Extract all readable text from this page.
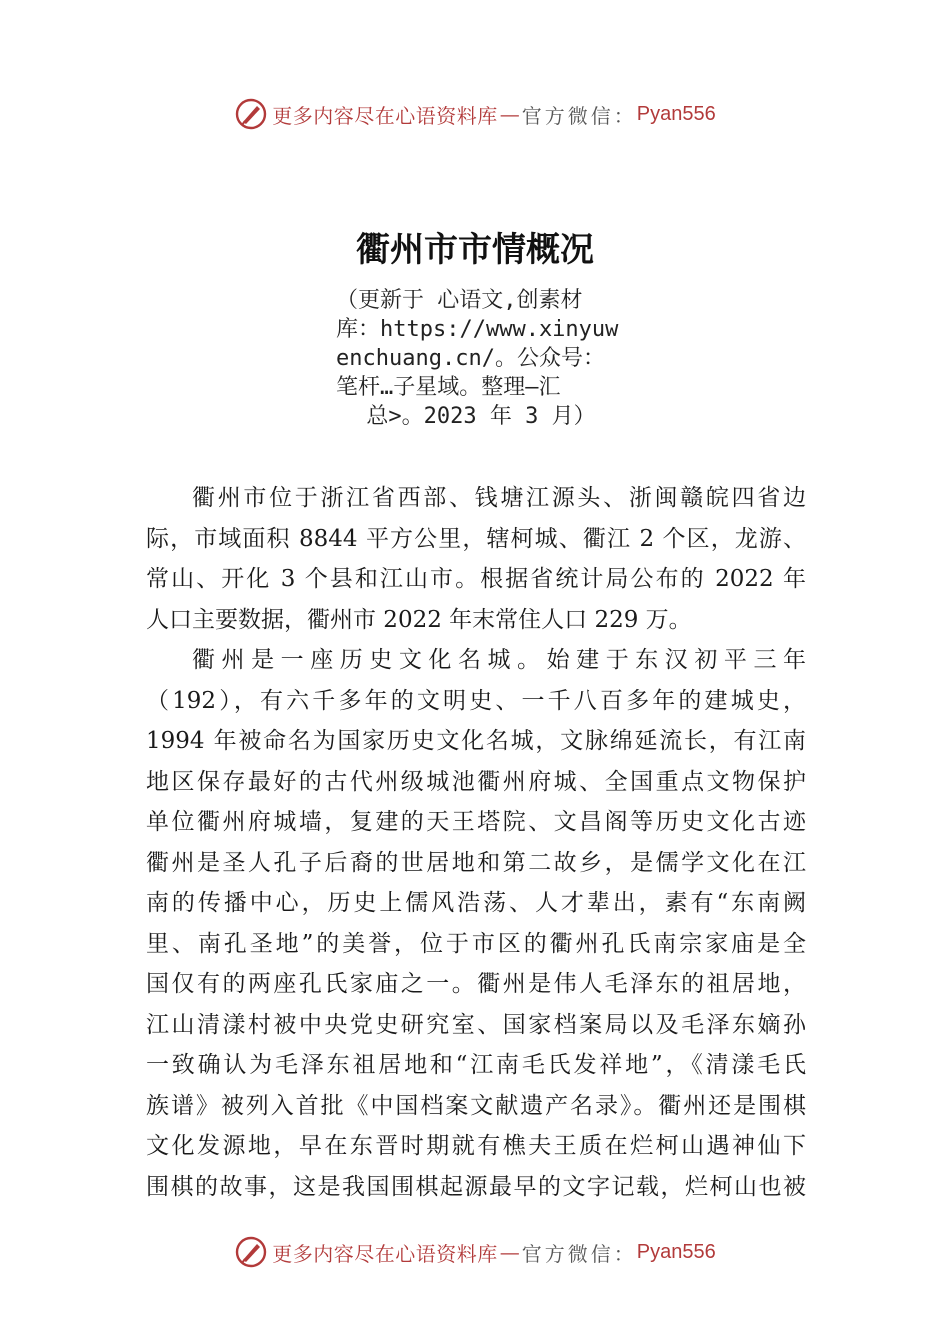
更多内容尽在心语资料库 — 官方微信： Pyan556
衢州市市情概况
（更新于 心语文,创素材
库：https://www.xinyuw
enchuang.cn/。公众号：
笔杆…子星域。整理—汇
总>。2023 年 3 月）
衢州市位于浙江省西部、钱塘江源头、浙闽赣皖四省边
际，市域面积 8844 平方公里，辖柯城、衢江 2 个区，龙游、
常山、开化 3 个县和江山市。根据省统计局公布的 2022 年
人口主要数据，衢州市 2022 年末常住人口 229 万。
衢州是一座历史文化名城。始建于东汉初平三年
（192），有六千多年的文明史、一千八百多年的建城史，
1994 年被命名为国家历史文化名城，文脉绵延流长，有江南
地区保存最好的古代州级城池衢州府城、全国重点文物保护
单位衢州府城墙，复建的天王塔院、文昌阁等历史文化古迹
衢州是圣人孔子后裔的世居地和第二故乡，是儒学文化在江
南的传播中心，历史上儒风浩荡、人才辈出，素有“东南阙
里、南孔圣地”的美誉，位于市区的衢州孔氏南宗家庙是全
国仅有的两座孔氏家庙之一。衢州是伟人毛泽东的祖居地，
江山清漾村被中央党史研究室、国家档案局以及毛泽东嫡孙
一致确认为毛泽东祖居地和“江南毛氏发祥地”，《清漾毛氏
族谱》被列入首批《中国档案文献遗产名录》。衢州还是围棋
文化发源地，早在东晋时期就有樵夫王质在烂柯山遇神仙下
围棋的故事，这是我国围棋起源最早的文字记载，烂柯山也被
更多内容尽在心语资料库 — 官方微信： Pyan556
